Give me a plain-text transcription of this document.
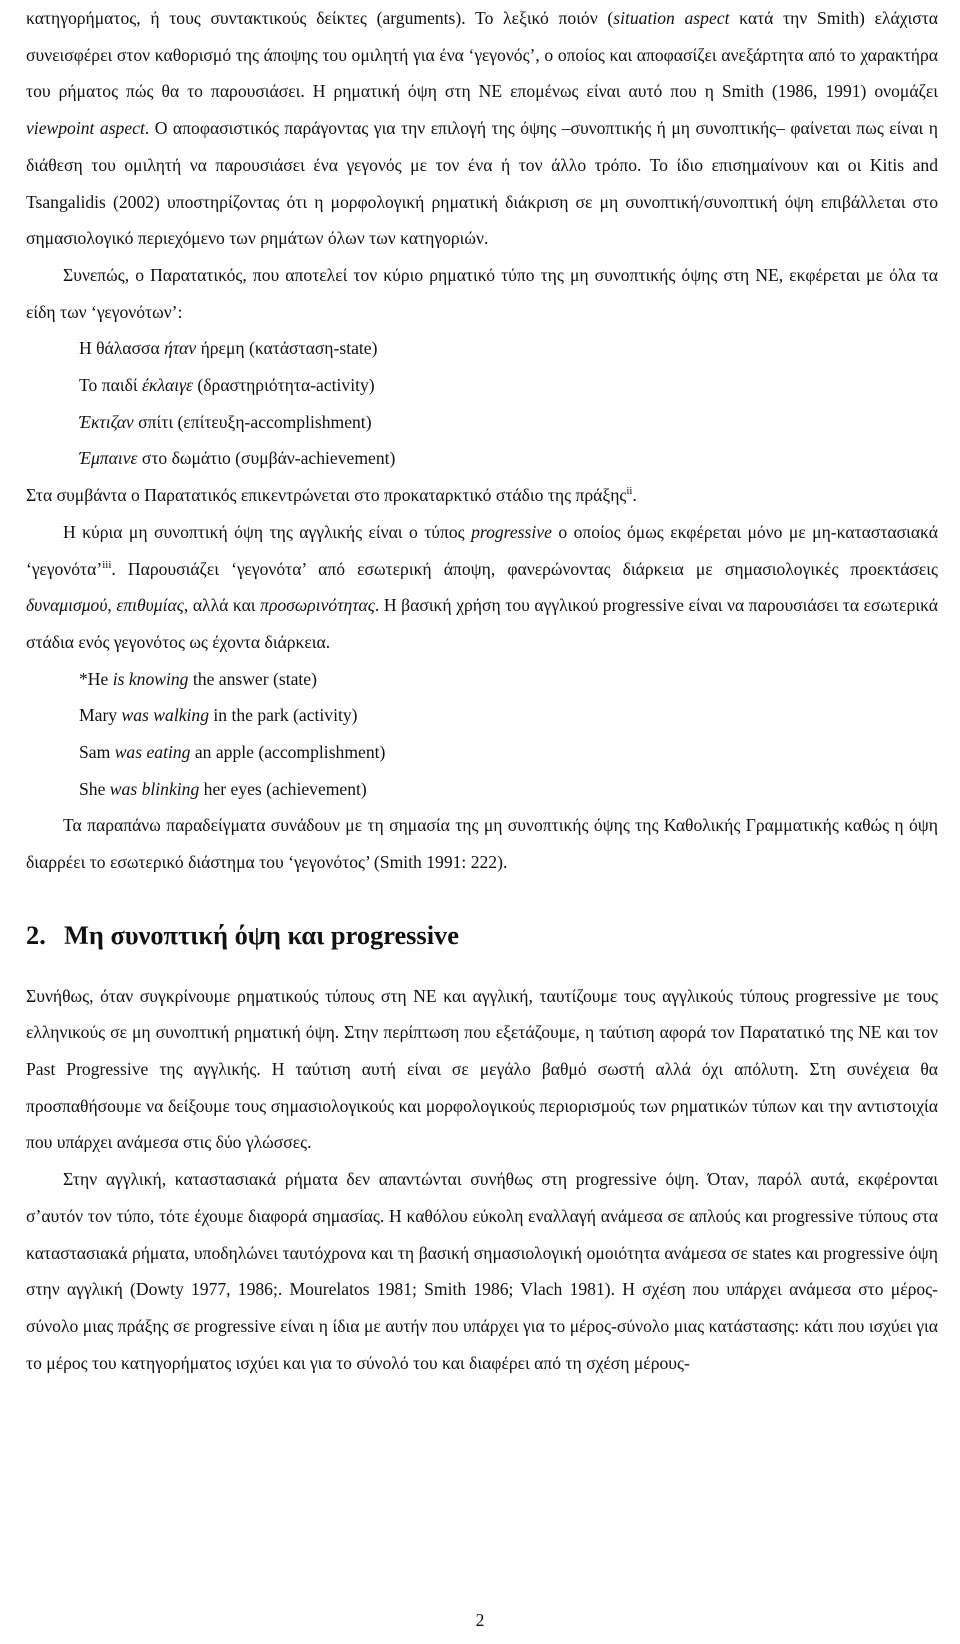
κατηγορήματος, ή τους συντακτικούς δείκτες (arguments). Το λεξικό ποιόν (situation aspect κατά την Smith) ελάχιστα συνεισφέρει στον καθορισμό της άποψης του ομιλητή για ένα ‘γεγονός’, ο οποίος και αποφασίζει ανεξάρτητα από το χαρακτήρα του ρήματος πώς θα το παρουσιάσει. Η ρηματική όψη στη ΝΕ επομένως είναι αυτό που η Smith (1986, 1991) ονομάζει viewpoint aspect. Ο αποφασιστικός παράγοντας για την επιλογή της όψης –συνοπτικής ή μη συνοπτικής– φαίνεται πως είναι η διάθεση του ομιλητή να παρουσιάσει ένα γεγονός με τον ένα ή τον άλλο τρόπο. Το ίδιο επισημαίνουν και οι Kitis and Tsangalidis (2002) υποστηρίζοντας ότι η μορφολογική ρηματική διάκριση σε μη συνοπτική/συνοπτική όψη επιβάλλεται στο σημασιολογικό περιεχόμενο των ρημάτων όλων των κατηγοριών.

Συνεπώς, ο Παρατατικός, που αποτελεί τον κύριο ρηματικό τύπο της μη συνοπτικής όψης στη ΝΕ, εκφέρεται με όλα τα είδη των ‘γεγονότων’:

Η θάλασσα ήταν ήρεμη (κατάσταση-state)

Το παιδί έκλαιγε (δραστηριότητα-activity)

Έκτιζαν σπίτι (επίτευξη-accomplishment)

Έμπαινε στο δωμάτιο (συμβάν-achievement)

Στα συμβάντα ο Παρατατικός επικεντρώνεται στο προκαταρκτικό στάδιο της πράξης$^{ii}$.

Η κύρια μη συνοπτική όψη της αγγλικής είναι ο τύπος progressive ο οποίος όμως εκφέρεται μόνο με μη-καταστασιακά ‘γεγονότα’$^{iii}$. Παρουσιάζει ‘γεγονότα’ από εσωτερική άποψη, φανερώνοντας διάρκεια με σημασιολογικές προεκτάσεις δυναμισμού, επιθυμίας, αλλά και προσωρινότητας. Η βασική χρήση του αγγλικού progressive είναι να παρουσιάσει τα εσωτερικά στάδια ενός γεγονότος ως έχοντα διάρκεια.

*He is knowing the answer (state)

Mary was walking in the park (activity)

Sam was eating an apple (accomplishment)

She was blinking her eyes (achievement)

Τα παραπάνω παραδείγματα συνάδουν με τη σημασία της μη συνοπτικής όψης της Καθολικής Γραμματικής καθώς η όψη διαρρέει το εσωτερικό διάστημα του ‘γεγονότος’ (Smith 1991: 222).

2. Μη συνοπτική όψη και progressive

Συνήθως, όταν συγκρίνουμε ρηματικούς τύπους στη ΝΕ και αγγλική, ταυτίζουμε τους αγγλικούς τύπους progressive με τους ελληνικούς σε μη συνοπτική ρηματική όψη. Στην περίπτωση που εξετάζουμε, η ταύτιση αφορά τον Παρατατικό της ΝΕ και τον Past Progressive της αγγλικής. Η ταύτιση αυτή είναι σε μεγάλο βαθμό σωστή αλλά όχι απόλυτη. Στη συνέχεια θα προσπαθήσουμε να δείξουμε τους σημασιολογικούς και μορφολογικούς περιορισμούς των ρηματικών τύπων και την αντιστοιχία που υπάρχει ανάμεσα στις δύο γλώσσες.

Στην αγγλική, καταστασιακά ρήματα δεν απαντώνται συνήθως στη progressive όψη. Όταν, παρόλ αυτά, εκφέρονται σ’αυτόν τον τύπο, τότε έχουμε διαφορά σημασίας. Η καθόλου εύκολη εναλλαγή ανάμεσα σε απλούς και progressive τύπους στα καταστασιακά ρήματα, υποδηλώνει ταυτόχρονα και τη βασική σημασιολογική ομοιότητα ανάμεσα σε states και progressive όψη στην αγγλική (Dowty 1977, 1986;. Mourelatos 1981; Smith 1986; Vlach 1981). Η σχέση που υπάρχει ανάμεσα στο μέρος-σύνολο μιας πράξης σε progressive είναι η ίδια με αυτήν που υπάρχει για το μέρος-σύνολο μιας κατάστασης: κάτι που ισχύει για το μέρος του κατηγορήματος ισχύει και για το σύνολό του και διαφέρει από τη σχέση μέρους-

2
